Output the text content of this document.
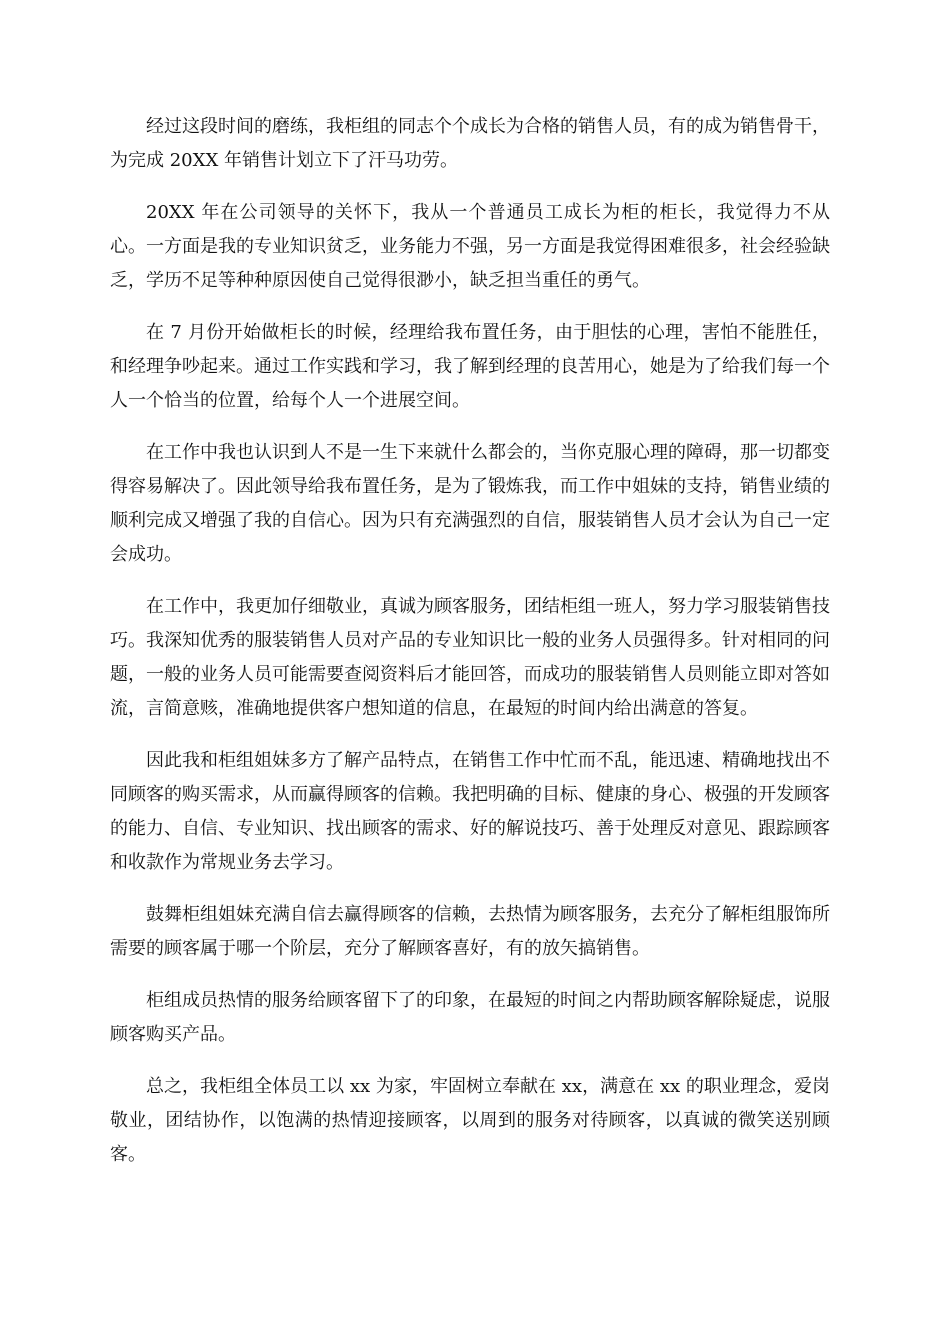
经过这段时间的磨练，我柜组的同志个个成长为合格的销售人员，有的成为销售骨干，为完成 20XX 年销售计划立下了汗马功劳。

20XX 年在公司领导的关怀下，我从一个普通员工成长为柜的柜长，我觉得力不从心。一方面是我的专业知识贫乏，业务能力不强，另一方面是我觉得困难很多，社会经验缺乏，学历不足等种种原因使自己觉得很渺小，缺乏担当重任的勇气。

在 7 月份开始做柜长的时候，经理给我布置任务，由于胆怯的心理，害怕不能胜任，和经理争吵起来。通过工作实践和学习，我了解到经理的良苦用心，她是为了给我们每一个人一个恰当的位置，给每个人一个进展空间。

在工作中我也认识到人不是一生下来就什么都会的，当你克服心理的障碍，那一切都变得容易解决了。因此领导给我布置任务，是为了锻炼我，而工作中姐妹的支持，销售业绩的顺利完成又增强了我的自信心。因为只有充满强烈的自信，服装销售人员才会认为自己一定会成功。

在工作中，我更加仔细敬业，真诚为顾客服务，团结柜组一班人，努力学习服装销售技巧。我深知优秀的服装销售人员对产品的专业知识比一般的业务人员强得多。针对相同的问题，一般的业务人员可能需要查阅资料后才能回答，而成功的服装销售人员则能立即对答如流，言简意赅，准确地提供客户想知道的信息，在最短的时间内给出满意的答复。

因此我和柜组姐妹多方了解产品特点，在销售工作中忙而不乱，能迅速、精确地找出不同顾客的购买需求，从而赢得顾客的信赖。我把明确的目标、健康的身心、极强的开发顾客的能力、自信、专业知识、找出顾客的需求、好的解说技巧、善于处理反对意见、跟踪顾客和收款作为常规业务去学习。

鼓舞柜组姐妹充满自信去赢得顾客的信赖，去热情为顾客服务，去充分了解柜组服饰所需要的顾客属于哪一个阶层，充分了解顾客喜好，有的放矢搞销售。

柜组成员热情的服务给顾客留下了的印象，在最短的时间之内帮助顾客解除疑虑，说服顾客购买产品。

总之，我柜组全体员工以 xx 为家，牢固树立奉献在 xx，满意在 xx 的职业理念，爱岗敬业，团结协作，以饱满的热情迎接顾客，以周到的服务对待顾客，以真诚的微笑送别顾客。
